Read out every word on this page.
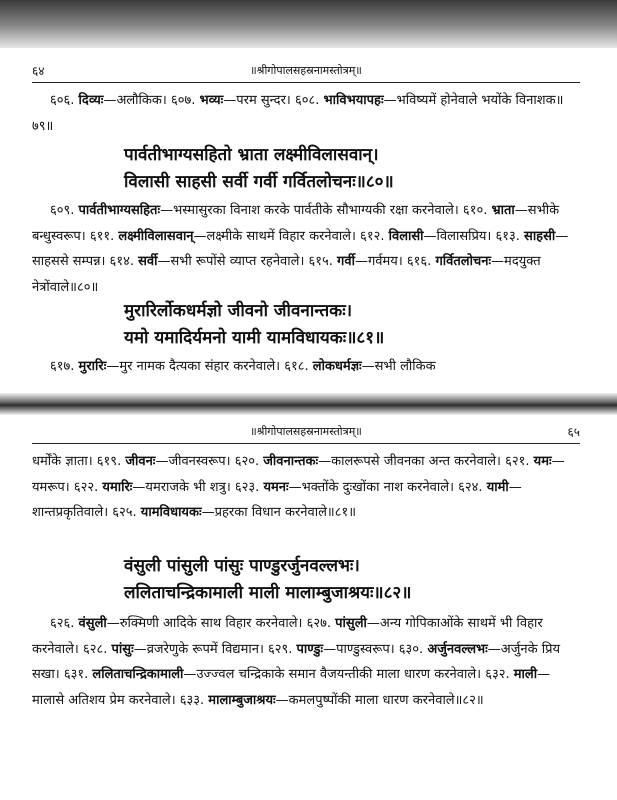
६४	॥श्रीगोपालसहस्रनामस्तोत्रम्॥

६०६. दिव्यः—अलौकिक। ६०७. भव्यः—परम सुन्दर। ६०८. भाविभयापहः—भविष्यमें होनेवाले भयोंके विनाशक॥७९॥

पार्वतीभाग्यसहितो भ्राता लक्ष्मीविलासवान्।

विलासी साहसी सर्वी गर्वी गर्वितलोचनः॥८०॥

६०९. पार्वतीभाग्यसहितः—भस्मासुरका विनाश करके पार्वतीके सौभाग्यकी रक्षा करनेवाले। ६१०. भ्राता—सभीके बन्धुस्वरूप। ६११. लक्ष्मीविलासवान्—लक्ष्मीके साथमें विहार करनेवाले। ६१२. विलासी—विलासप्रिय। ६१३. साहसी—साहससे सम्पन्न। ६१४. सर्वी—सभी रूपोंसे व्याप्त रहनेवाले। ६१५. गर्वी—गर्वमय। ६१६. गर्वितलोचनः—मदयुक्त नेत्रोंवाले॥८०॥

मुरारिर्लोकधर्मज्ञो जीवनो जीवनान्तकः।

यमो यमादिर्यमनो यामी यामविधायकः॥८१॥

६१७. मुरारिः—मुर नामक दैत्यका संहार करनेवाले। ६१८. लोकधर्मज्ञः—सभी लौकिक

॥श्रीगोपालसहस्रनामस्तोत्रम्॥	६५

धर्मोंके ज्ञाता। ६१९. जीवनः—जीवनस्वरूप। ६२०. जीवनान्तकः—कालरूपसे जीवनका अन्त करनेवाले। ६२१. यमः—यमरूप। ६२२. यमारिः—यमराजके भी शत्रु। ६२३. यमनः—भक्तोंके दुःखोंका नाश करनेवाले। ६२४. यामी—शान्तप्रकृतिवाले। ६२५. यामविधायकः—प्रहरका विधान करनेवाले॥८१॥

वंसुली पांसुली पांसुः पाण्डुरर्जुनवल्लभः।

ललिताचन्द्रिकामाली माली मालाम्बुजाश्रयः॥८२॥

६२६. वंसुली—रुक्मिणी आदिके साथ विहार करनेवाले। ६२७. पांसुली—अन्य गोपिकाओंके साथमें भी विहार करनेवाले। ६२८. पांसुः—व्रजरेणुके रूपमें विद्यमान। ६२९. पाण्डुः—पाण्डुस्वरूप। ६३०. अर्जुनवल्लभः—अर्जुनके प्रिय सखा। ६३१. ललिताचन्द्रिकामाली—उज्ज्वल चन्द्रिकाके समान वैजयन्तीकी माला धारण करनेवाले। ६३२. माली—मालासे अतिशय प्रेम करनेवाले। ६३३. मालाम्बुजाश्रयः—कमलपुष्पोंकी माला धारण करनेवाले॥८२॥
